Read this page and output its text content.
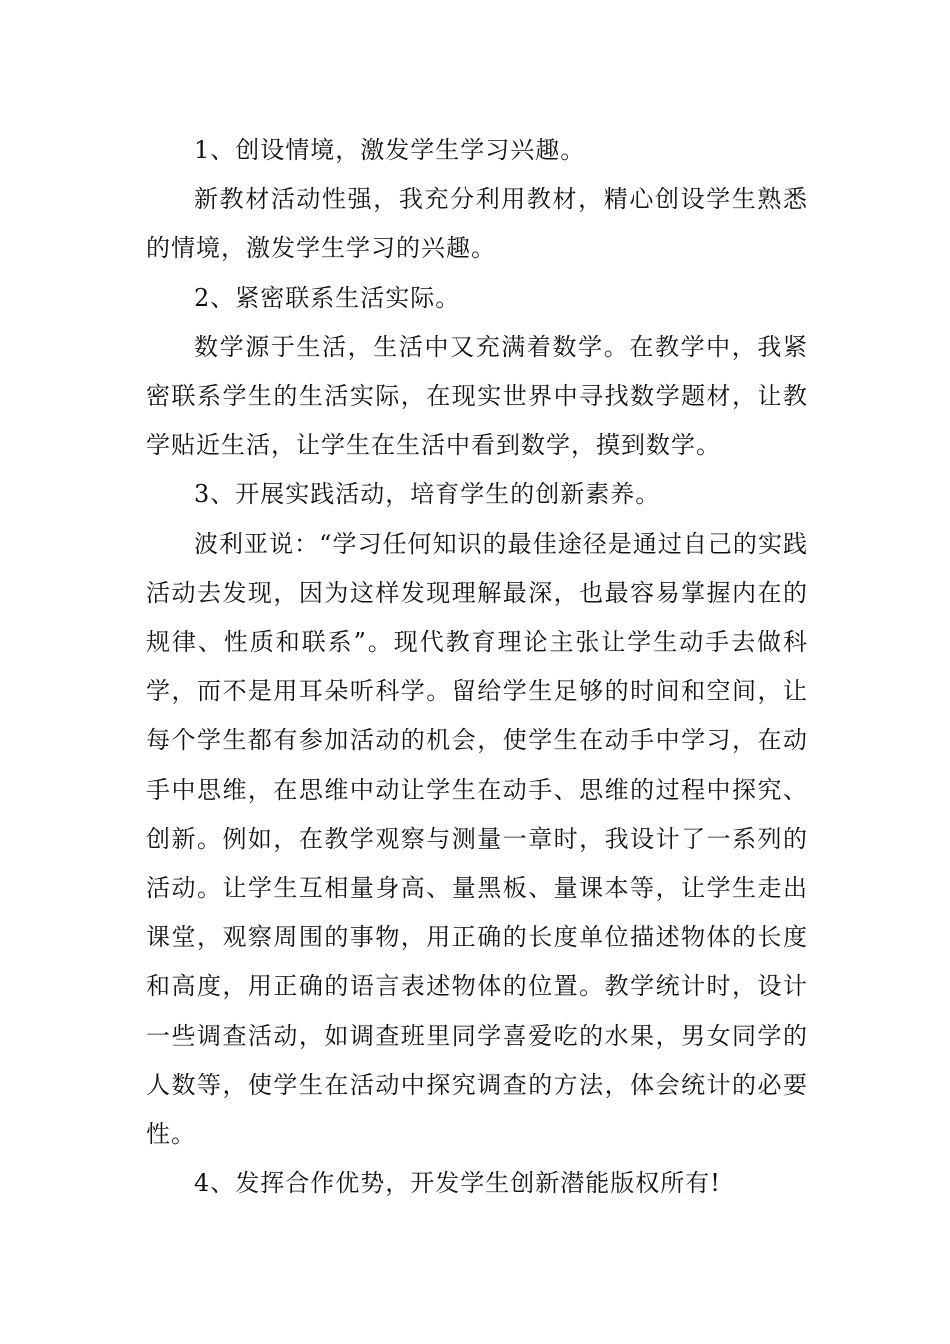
1、创设情境，激发学生学习兴趣。

新教材活动性强，我充分利用教材，精心创设学生熟悉的情境，激发学生学习的兴趣。

2、紧密联系生活实际。

数学源于生活，生活中又充满着数学。在教学中，我紧密联系学生的生活实际，在现实世界中寻找数学题材，让教学贴近生活，让学生在生活中看到数学，摸到数学。

3、开展实践活动，培育学生的创新素养。

波利亚说：“学习任何知识的最佳途径是通过自己的实践活动去发现，因为这样发现理解最深，也最容易掌握内在的规律、性质和联系”。现代教育理论主张让学生动手去做科学，而不是用耳朵听科学。留给学生足够的时间和空间，让每个学生都有参加活动的机会，使学生在动手中学习，在动手中思维，在思维中动让学生在动手、思维的过程中探究、创新。例如，在教学观察与测量一章时，我设计了一系列的活动。让学生互相量身高、量黑板、量课本等，让学生走出课堂，观察周围的事物，用正确的长度单位描述物体的长度和高度，用正确的语言表述物体的位置。教学统计时，设计一些调查活动，如调查班里同学喜爱吃的水果，男女同学的人数等，使学生在活动中探究调查的方法，体会统计的必要性。

4、发挥合作优势，开发学生创新潜能版权所有!
